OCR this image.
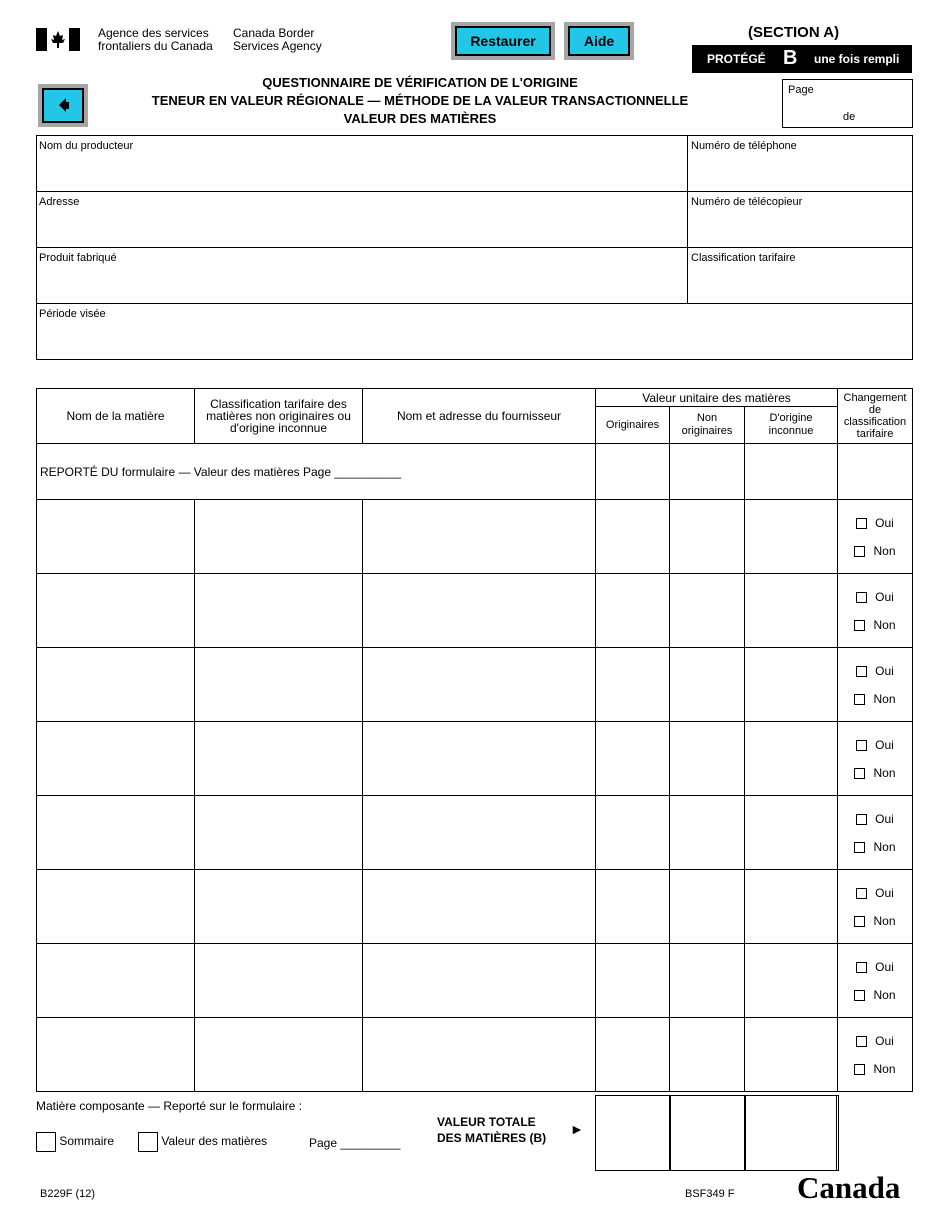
Agence des services
frontaliers du Canada
Canada Border
Services Agency	Restaurer	Aide	(SECTION A)
PROTÉGÉ B une fois rempli
Page
de
QUESTIONNAIRE DE VÉRIFICATION DE L'ORIGINE
TENEUR EN VALEUR RÉGIONALE — MÉTHODE DE LA VALEUR TRANSACTIONNELLE
VALEUR DES MATIÈRES
Nom du producteur	Numéro de téléphone
Adresse	Numéro de télécopieur
Produit fabriqué	Classification tarifaire
Période visée
Nom de la matière	Classification tarifaire des matières non originaires ou d'origine inconnue	Nom et adresse du fournisseur	Valeur unitaire des matières			Changement de classification tarifaire
			Originaires	Non originaires	D'origine inconnue	
REPORTÉ DU formulaire — Valeur des matières Page __________						

						Oui
Non

						Oui
Non

						Oui
Non

						Oui
Non

						Oui
Non

						Oui
Non

						Oui
Non

						Oui
Non
Matière composante — Reporté sur le formulaire :
Sommaire	Valeur des matières	Page _________
VALEUR TOTALE
DES MATIÈRES (B)
►
B229F (12)	BSF349 F Canada
